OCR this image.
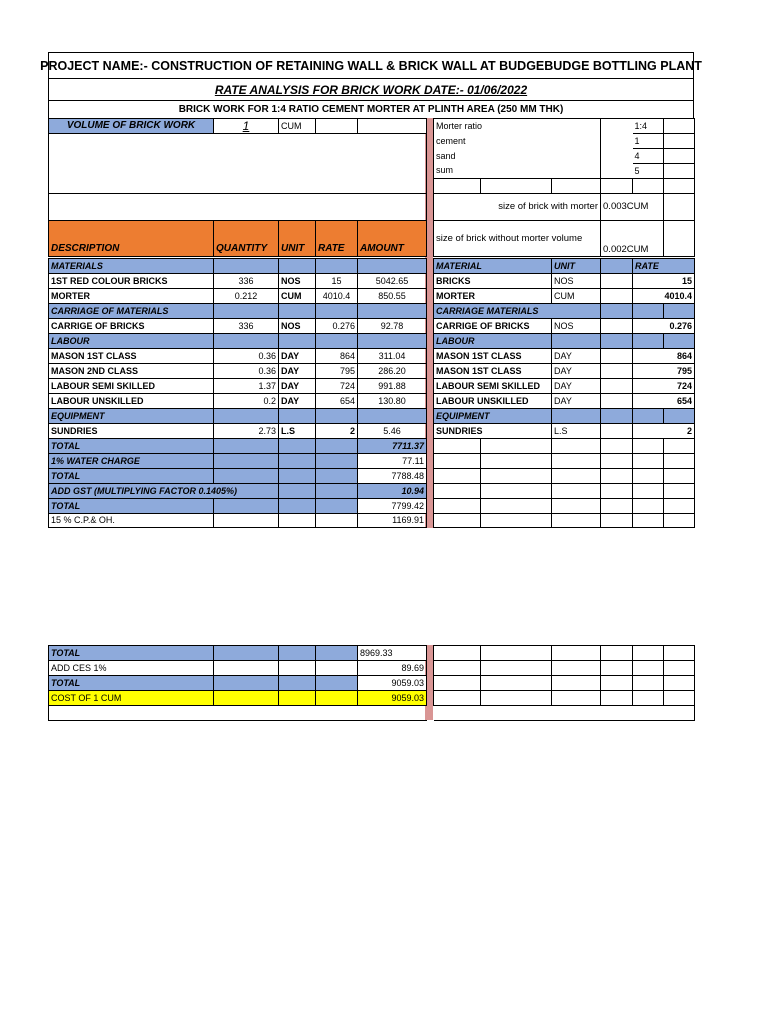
PROJECT NAME:- CONSTRUCTION OF RETAINING WALL & BRICK WALL AT BUDGEBUDGE BOTTLING PLANT
RATE ANALYSIS FOR BRICK WORK DATE:- 01/06/2022
BRICK WORK FOR 1:4 RATIO CEMENT MORTER AT PLINTH AREA (250 MM THK)
VOLUME OF BRICK WORK	1	CUM		

DESCRIPTION	QUANTITY	UNIT	RATE	AMOUNT
MATERIALS				
1ST RED COLOUR BRICKS	336	NOS	15	5042.65
MORTER	0.212	CUM	4010.4	850.55
CARRIAGE OF MATERIALS				
CARRIGE OF BRICKS	336	NOS	0.276	92.78
LABOUR				
MASON 1ST CLASS	0.36	DAY	864	311.04
MASON 2ND CLASS	0.36	DAY	795	286.20
LABOUR SEMI SKILLED	1.37	DAY	724	991.88
LABOUR UNSKILLED	0.2	DAY	654	130.80
EQUIPMENT				
SUNDRIES	2.73	L.S	2	5.46
TOTAL				7711.37
1% WATER CHARGE				77.11
TOTAL				7788.48
ADD GST (MULTIPLYING FACTOR 0.1405%)				10.94
TOTAL				7799.42
15 % C.P.& OH.				1169.91
Morter ratio				1:4	
cement				1	
sand				4	
sum				5	

size of brick with morter			0.003CUM		
size of brick without morter volume			0.002CUM		
MATERIAL	UNIT		RATE	
BRICKS	NOS		15	
MORTER	CUM		4010.4	
CARRIAGE MATERIALS				
CARRIGE OF BRICKS	NOS		0.276	
LABOUR				
MASON 1ST CLASS	DAY		864	
MASON 1ST CLASS	DAY		795	
LABOUR SEMI SKILLED	DAY		724	
LABOUR UNSKILLED	DAY		654	
EQUIPMENT				
SUNDRIES	L.S		2	

TOTAL				8969.33
ADD CES 1%				89.69
TOTAL				9059.03
COST OF 1 CUM				9059.03
